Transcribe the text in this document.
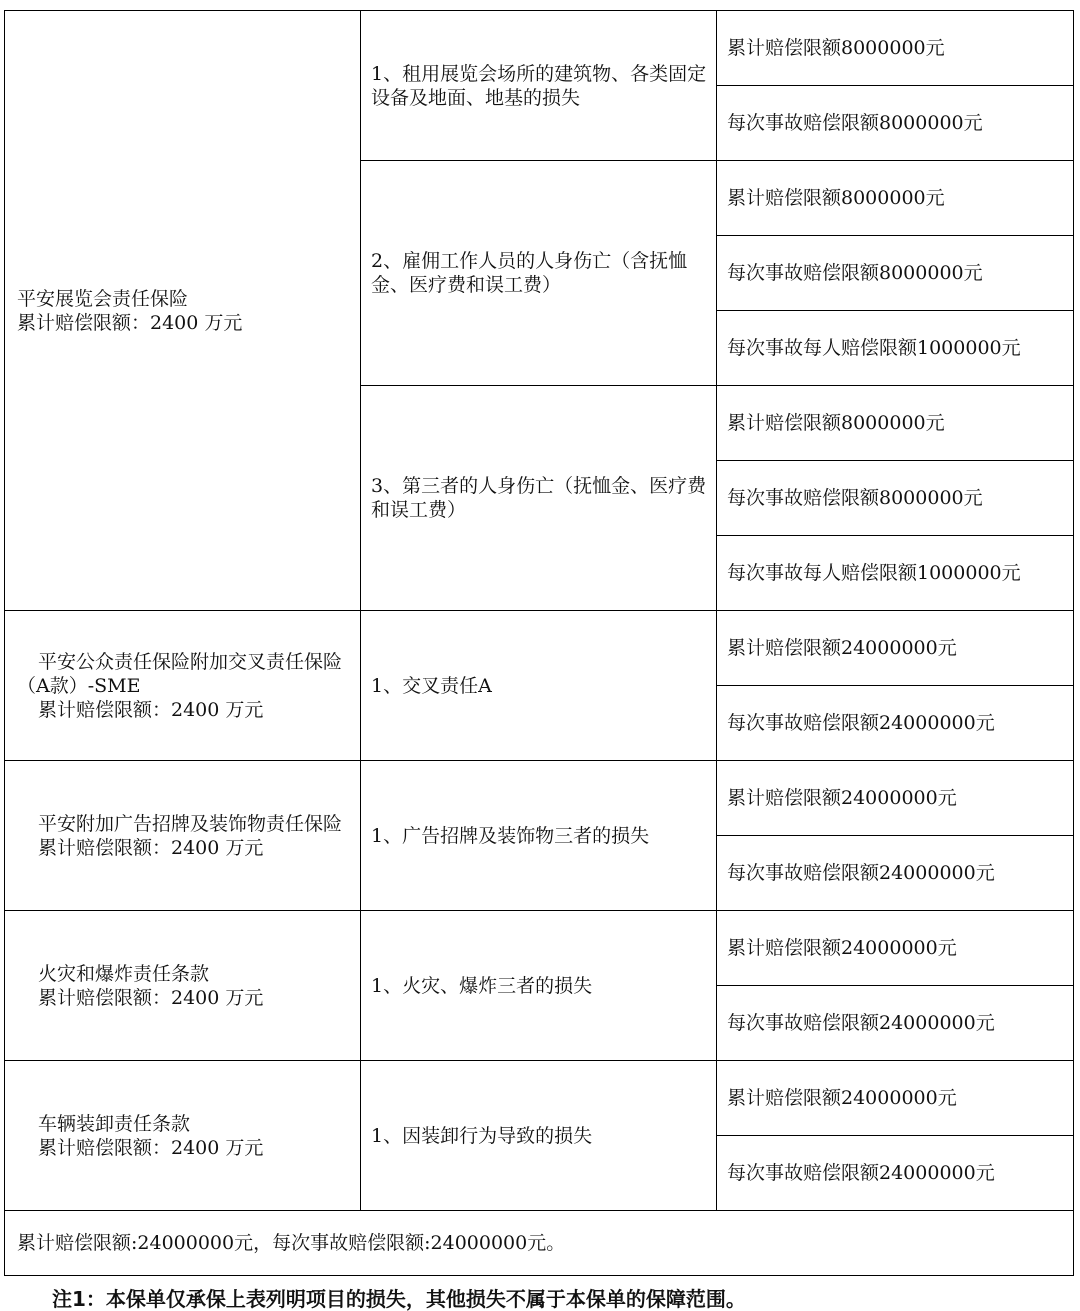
平安展览会责任保险
累计赔偿限额：2400 万元	1、租用展览会场所的建筑物、各类固定设备及地面、地基的损失	累计赔偿限额8000000元
		每次事故赔偿限额8000000元
	2、雇佣工作人员的人身伤亡（含抚恤金、医疗费和误工费）	累计赔偿限额8000000元
		每次事故赔偿限额8000000元
		每次事故每人赔偿限额1000000元
	3、第三者的人身伤亡（抚恤金、医疗费和误工费）	累计赔偿限额8000000元
		每次事故赔偿限额8000000元
		每次事故每人赔偿限额1000000元

平安公众责任保险附加交叉责任保险（A款）-SME
累计赔偿限额：2400 万元	1、交叉责任A	累计赔偿限额24000000元
		每次事故赔偿限额24000000元

平安附加广告招牌及装饰物责任保险
累计赔偿限额：2400 万元	1、广告招牌及装饰物三者的损失	累计赔偿限额24000000元
		每次事故赔偿限额24000000元

火灾和爆炸责任条款
累计赔偿限额：2400 万元	1、火灾、爆炸三者的损失	累计赔偿限额24000000元
		每次事故赔偿限额24000000元

车辆装卸责任条款
累计赔偿限额：2400 万元	1、因装卸行为导致的损失	累计赔偿限额24000000元
		每次事故赔偿限额24000000元
累计赔偿限额:24000000元，每次事故赔偿限额:24000000元。		
注1：本保单仅承保上表列明项目的损失，其他损失不属于本保单的保障范围。
